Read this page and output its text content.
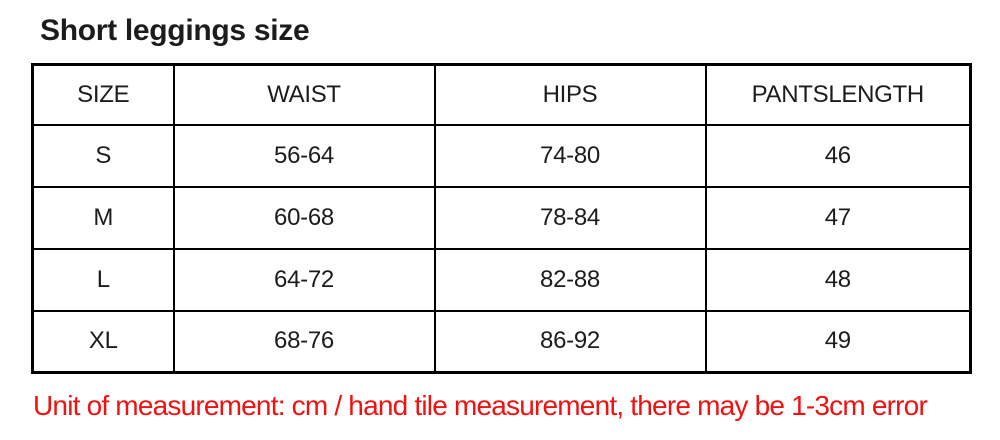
Short leggings size
SIZE	WAIST	HIPS	PANTSLENGTH
S	56-64	74-80	46
M	60-68	78-84	47
L	64-72	82-88	48
XL	68-76	86-92	49
Unit of measurement: cm / hand tile measurement, there may be 1-3cm error
